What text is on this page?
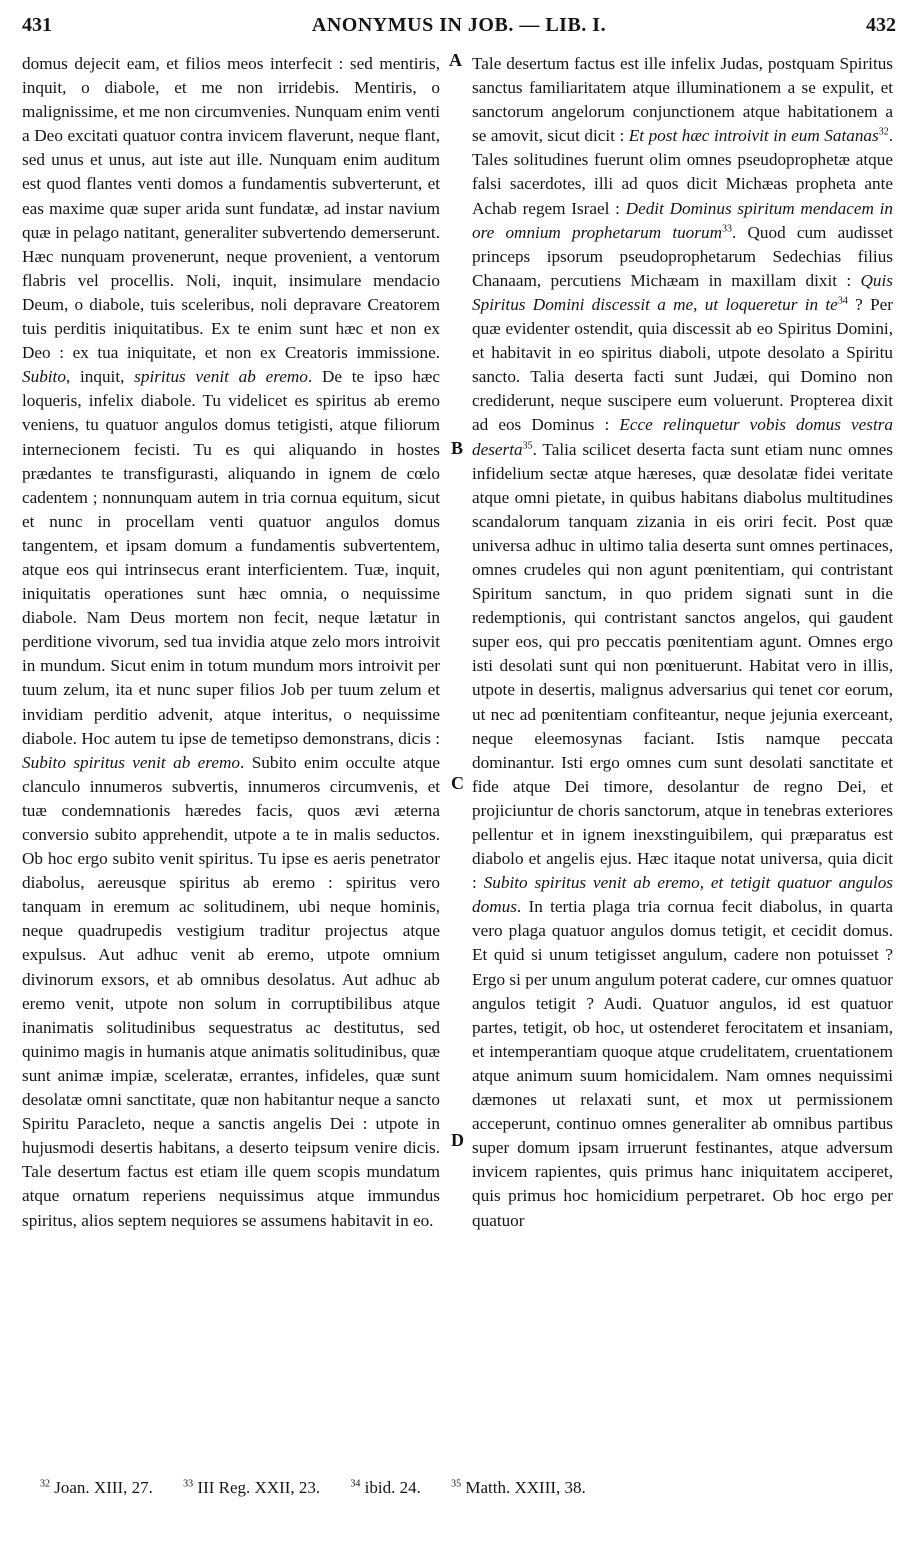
431	ANONYMUS IN JOB. — LIB. I.	432
A
B
C
D

domus dejecit eam, et filios meos interfecit : sed mentiris, inquit, o diabole, et me non irridebis. Mentiris, o malignissime, et me non circumvenies. Nunquam enim venti a Deo excitati quatuor contra invicem flaverunt, neque flant, sed unus et unus, aut iste aut ille. Nunquam enim auditum est quod flantes venti domos a fundamentis subverterunt, et eas maxime quæ super arida sunt fundatæ, ad instar navium quæ in pelago natitant, generaliter subvertendo demerserunt. Hæc nunquam provenerunt, neque provenient, a ventorum flabris vel procellis. Noli, inquit, insimulare mendacio Deum, o diabole, tuis sceleribus, noli depravare Creatorem tuis perditis iniquitatibus. Ex te enim sunt hæc et non ex Deo : ex tua iniquitate, et non ex Creatoris immissione. Subito, inquit, spiritus venit ab eremo. De te ipso hæc loqueris, infelix diabole. Tu videlicet es spiritus ab eremo veniens, tu quatuor angulos domus tetigisti, atque filiorum internecionem fecisti. Tu es qui aliquando in hostes prædantes te transfigurasti, aliquando in ignem de cœlo cadentem ; nonnunquam autem in tria cornua equitum, sicut et nunc in procellam venti quatuor angulos domus tangentem, et ipsam domum a fundamentis subvertentem, atque eos qui intrinsecus erant interficientem. Tuæ, inquit, iniquitatis operationes sunt hæc omnia, o nequissime diabole. Nam Deus mortem non fecit, neque lætatur in perditione vivorum, sed tua invidia atque zelo mors introivit in mundum. Sicut enim in totum mundum mors introivit per tuum zelum, ita et nunc super filios Job per tuum zelum et invidiam perditio advenit, atque interitus, o nequissime diabole. Hoc autem tu ipse de temetipso demonstrans, dicis : Subito spiritus venit ab eremo. Subito enim occulte atque clanculo innumeros subvertis, innumeros circumvenis, et tuæ condemnationis hæredes facis, quos ævi æterna conversio subito apprehendit, utpote a te in malis seductos. Ob hoc ergo subito venit spiritus. Tu ipse es aeris penetrator diabolus, aereusque spiritus ab eremo : spiritus vero tanquam in eremum ac solitudinem, ubi neque hominis, neque quadrupedis vestigium traditur projectus atque expulsus. Aut adhuc venit ab eremo, utpote omnium divinorum exsors, et ab omnibus desolatus. Aut adhuc ab eremo venit, utpote non solum in corruptibilibus atque inanimatis solitudinibus sequestratus ac destitutus, sed quinimo magis in humanis atque animatis solitudinibus, quæ sunt animæ impiæ, sceleratæ, errantes, infideles, quæ sunt desolatæ omni sanctitate, quæ non habitantur neque a sancto Spiritu Paracleto, neque a sanctis angelis Dei : utpote in hujusmodi desertis habitans, a deserto teipsum venire dicis. Tale desertum factus est etiam ille quem scopis mundatum atque ornatum reperiens nequissimus atque immundus spiritus, alios septem nequiores se assumens habitavit in eo.

Tale desertum factus est ille infelix Judas, postquam Spiritus sanctus familiaritatem atque illuminationem a se expulit, et sanctorum angelorum conjunctionem atque habitationem a se amovit, sicut dicit : Et post hæc introivit in eum Satanas$^{32}$. Tales solitudines fuerunt olim omnes pseudoprophetæ atque falsi sacerdotes, illi ad quos dicit Michæas propheta ante Achab regem Israel : Dedit Dominus spiritum mendacem in ore omnium prophetarum tuorum$^{33}$. Quod cum audisset princeps ipsorum pseudoprophetarum Sedechias filius Chanaam, percutiens Michæam in maxillam dixit : Quis Spiritus Domini discessit a me, ut loqueretur in $te^{34}$ ? Per quæ evidenter ostendit, quia discessit ab eo Spiritus Domini, et habitavit in eo spiritus diaboli, utpote desolato a Spiritu sancto. Talia deserta facti sunt Judæi, qui Domino non crediderunt, neque suscipere eum voluerunt. Propterea dixit ad eos Dominus : Ecce relinquetur vobis domus vestra deserta$^{35}$. Talia scilicet deserta facta sunt etiam nunc omnes infidelium sectæ atque hæreses, quæ desolatæ fidei veritate atque omni pietate, in quibus habitans diabolus multitudines scandalorum tanquam zizania in eis oriri fecit. Post quæ universa adhuc in ultimo talia deserta sunt omnes pertinaces, omnes crudeles qui non agunt pœnitentiam, qui contristant Spiritum sanctum, in quo pridem signati sunt in die redemptionis, qui contristant sanctos angelos, qui gaudent super eos, qui pro peccatis pœnitentiam agunt. Omnes ergo isti desolati sunt qui non pœnituerunt. Habitat vero in illis, utpote in desertis, malignus adversarius qui tenet cor eorum, ut nec ad pœnitentiam confiteantur, neque jejunia exerceant, neque eleemosynas faciant. Istis namque peccata dominantur. Isti ergo omnes cum sunt desolati sanctitate et fide atque Dei timore, desolantur de regno Dei, et projiciuntur de choris sanctorum, atque in tenebras exteriores pellentur et in ignem inexstinguibilem, qui præparatus est diabolo et angelis ejus. Hæc itaque notat universa, quia dicit : Subito spiritus venit ab eremo, et tetigit quatuor angulos domus. In tertia plaga tria cornua fecit diabolus, in quarta vero plaga quatuor angulos domus tetigit, et cecidit domus. Et quid si unum tetigisset angulum, cadere non potuisset ? Ergo si per unum angulum poterat cadere, cur omnes quatuor angulos tetigit ? Audi. Quatuor angulos, id est quatuor partes, tetigit, ob hoc, ut ostenderet ferocitatem et insaniam, et intemperantiam quoque atque crudelitatem, cruentationem atque animum suum homicidalem. Nam omnes nequissimi dæmones ut relaxati sunt, et mox ut permissionem acceperunt, continuo omnes generaliter ab omnibus partibus super domum ipsam irruerunt festinantes, atque adversum invicem rapientes, quis primus hanc iniquitatem acciperet, quis primus hoc homicidium perpetraret. Ob hoc ergo per quatuor

$^{32}$ Joan. XIII, 27.	$^{33}$ III Reg. XXII, 23.	$^{34}$ ibid. 24.	$^{35}$ Matth. XXIII, 38.
